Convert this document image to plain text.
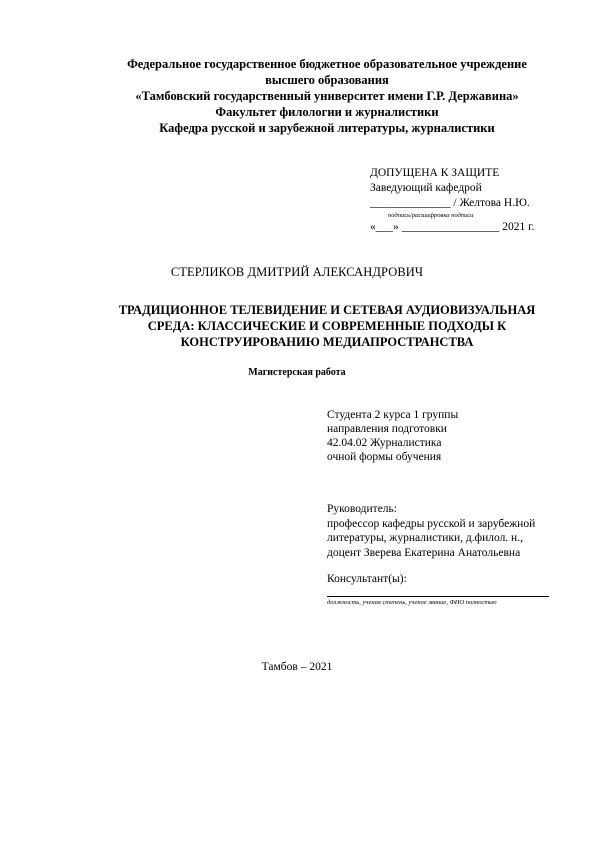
Федеральное государственное бюджетное образовательное учреждение
высшего образования
«Тамбовский государственный университет имени Г.Р. Державина»
Факультет филологии и журналистики
Кафедра русской и зарубежной литературы, журналистики
ДОПУЩЕНА К ЗАЩИТЕ
Заведующий кафедрой
______________ / Желтова Н.Ю.
подпись/расшифровка подписи
«___» _________________ 2021 г.
СТЕРЛИКОВ ДМИТРИЙ АЛЕКСАНДРОВИЧ
ТРАДИЦИОННОЕ ТЕЛЕВИДЕНИЕ И СЕТЕВАЯ АУДИОВИЗУАЛЬНАЯ
СРЕДА: КЛАССИЧЕСКИЕ И СОВРЕМЕННЫЕ ПОДХОДЫ К
КОНСТРУИРОВАНИЮ МЕДИАПРОСТРАНСТВА
Магистерская работа
Студента 2 курса 1 группы
направления подготовки
42.04.02 Журналистика
очной формы обучения
Руководитель:
профессор кафедры русской и зарубежной
литературы, журналистики, д.филол. н.,
доцент Зверева Екатерина Анатольевна
Консультант(ы):
должность, ученая степень, ученое звание, ФИО полностью
Тамбов – 2021
